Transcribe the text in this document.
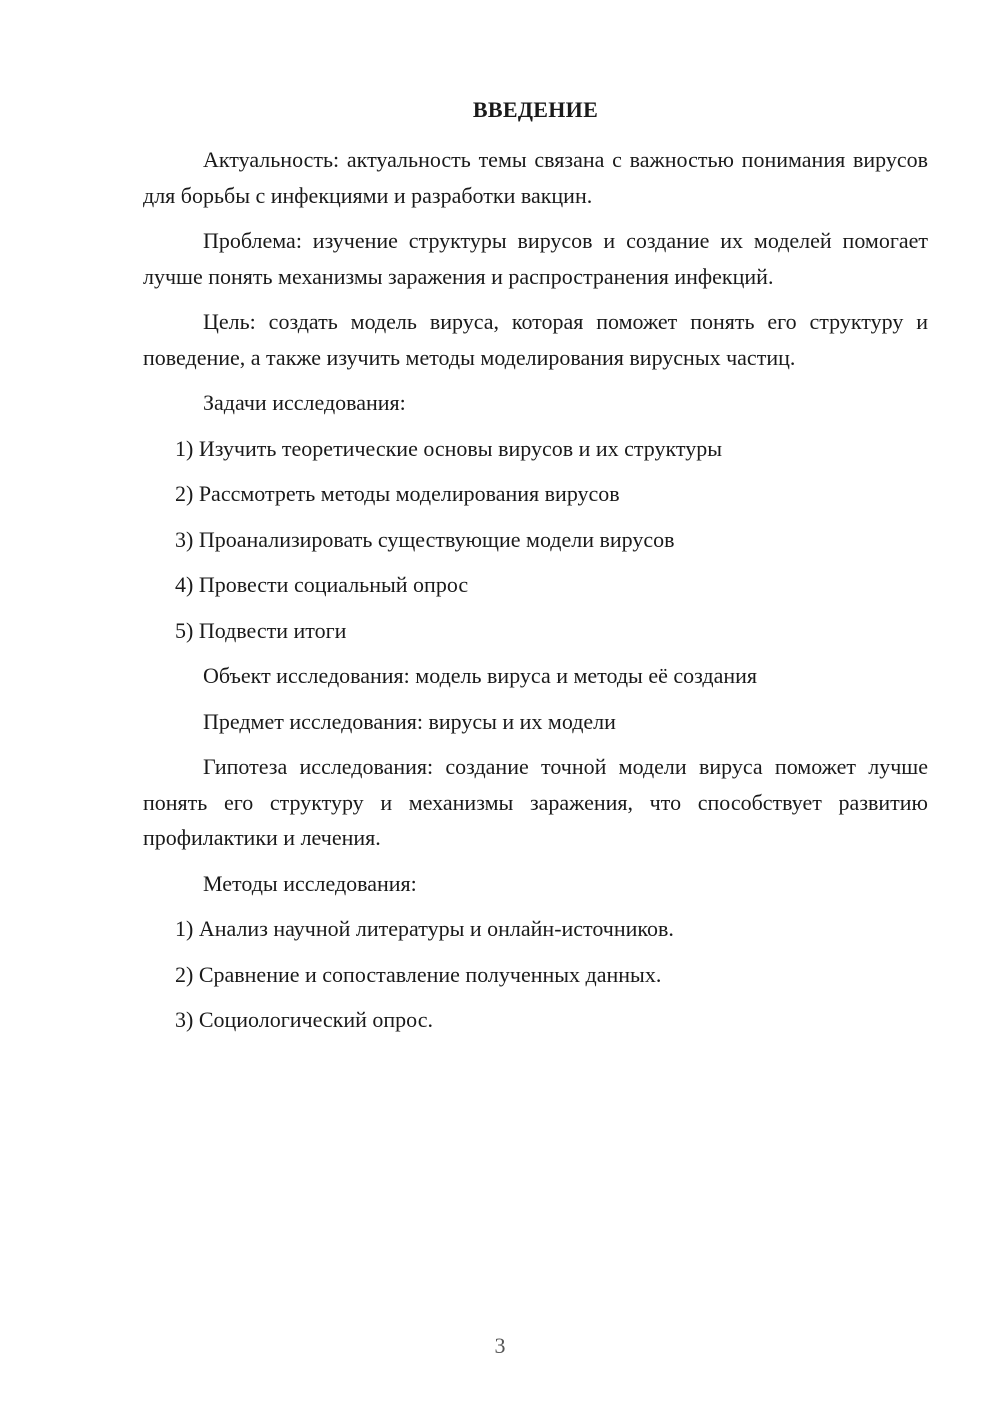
ВВЕДЕНИЕ

Актуальность: актуальность темы связана с важностью понимания вирусов для борьбы с инфекциями и разработки вакцин.

Проблема: изучение структуры вирусов и создание их моделей помогает лучше понять механизмы заражения и распространения инфекций.

Цель: создать модель вируса, которая поможет понять его структуру и поведение, а также изучить методы моделирования вирусных частиц.

Задачи исследования:
1) Изучить теоретические основы вирусов и их структуры
2) Рассмотреть методы моделирования вирусов
3) Проанализировать существующие модели вирусов
4) Провести социальный опрос
5) Подвести итоги
Объект исследования: модель вируса и методы её создания
Предмет исследования: вирусы и их модели

Гипотеза исследования: создание точной модели вируса поможет лучше понять его структуру и механизмы заражения, что способствует развитию профилактики и лечения.

Методы исследования:
1) Анализ научной литературы и онлайн-источников.
2) Сравнение и сопоставление полученных данных.
3) Социологический опрос.
3
